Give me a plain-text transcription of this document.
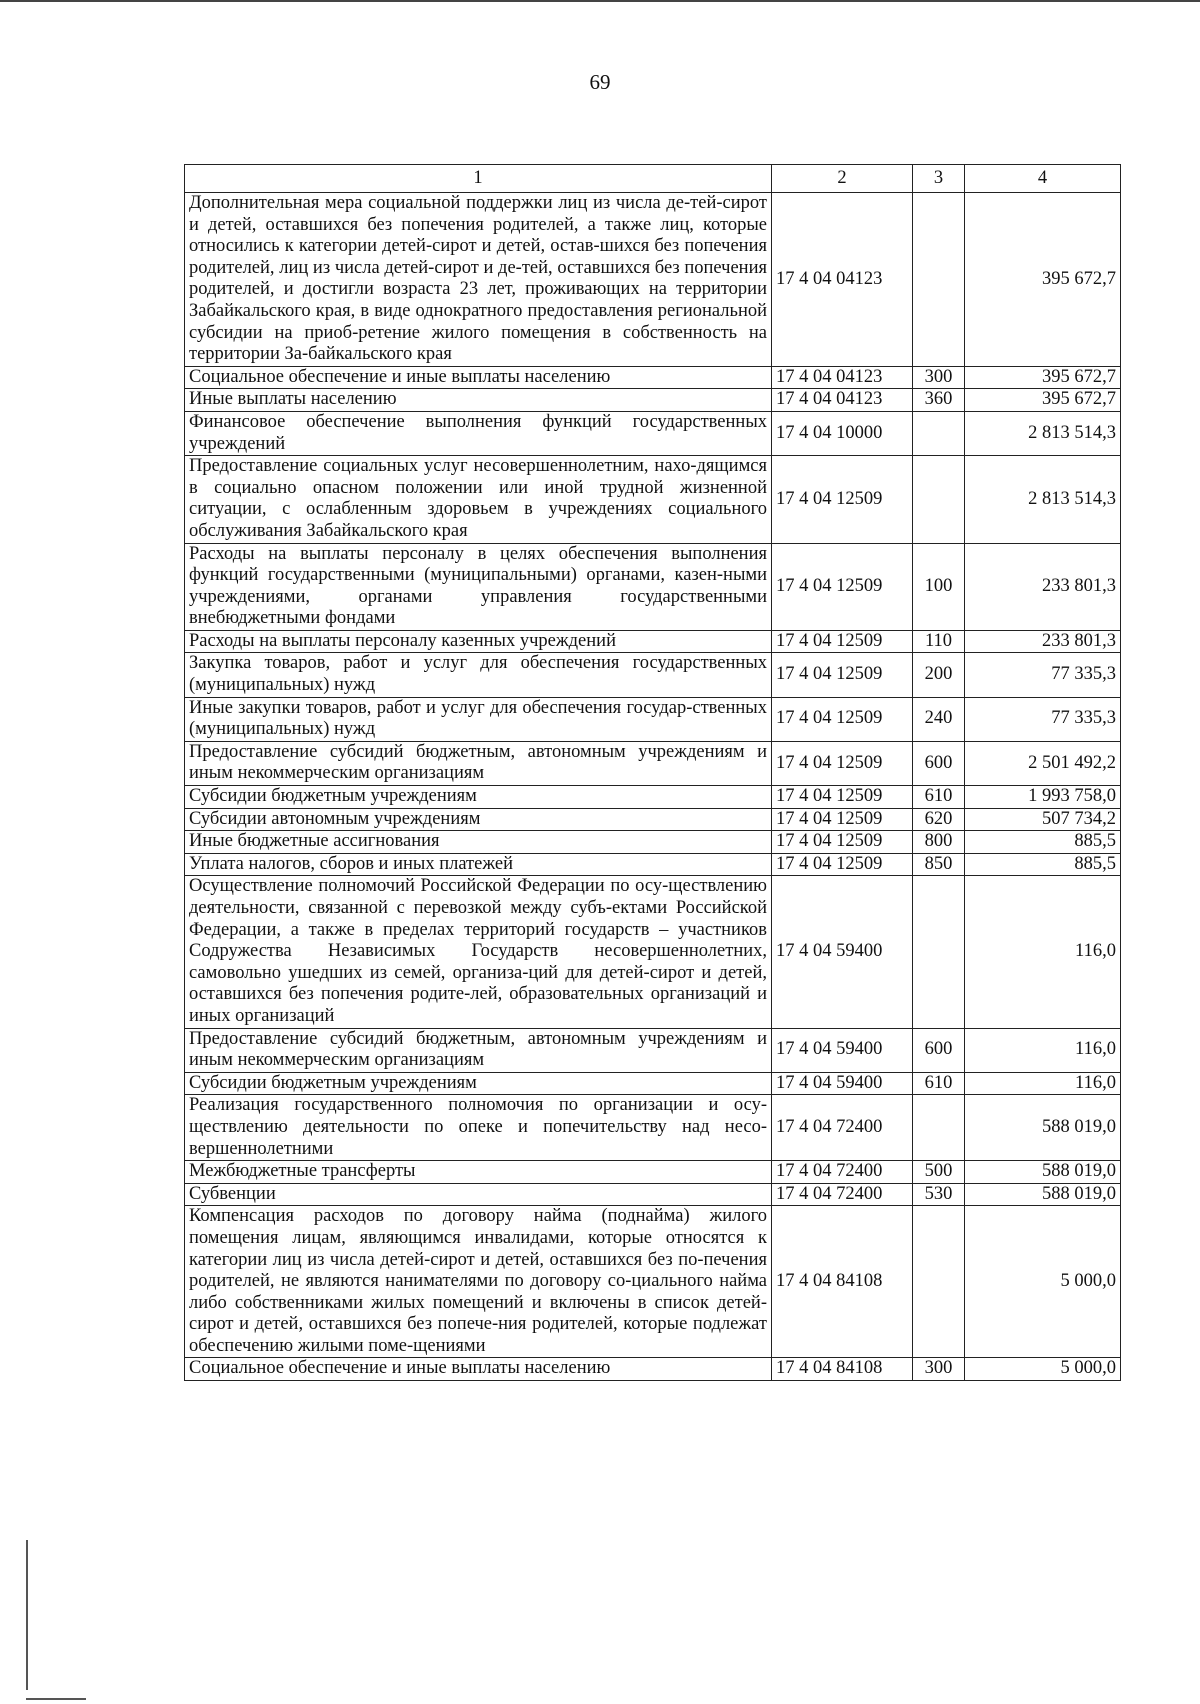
69
1	2	3	4
Дополнительная мера социальной поддержки лиц из числа де-тей-сирот и детей, оставшихся без попечения родителей, а также лиц, которые относились к категории детей-сирот и детей, остав-шихся без попечения родителей, лиц из числа детей-сирот и де-тей, оставшихся без попечения родителей, и достигли возраста 23 лет, проживающих на территории Забайкальского края, в виде однократного предоставления региональной субсидии на приоб-ретение жилого помещения в собственность на территории За-байкальского края	17 4 04 04123		395 672,7
Социальное обеспечение и иные выплаты населению	17 4 04 04123	300	395 672,7
Иные выплаты населению	17 4 04 04123	360	395 672,7
Финансовое обеспечение выполнения функций государственных учреждений	17 4 04 10000		2 813 514,3
Предоставление социальных услуг несовершеннолетним, нахо-дящимся в социально опасном положении или иной трудной жизненной ситуации, с ослабленным здоровьем в учреждениях социального обслуживания Забайкальского края	17 4 04 12509		2 813 514,3
Расходы на выплаты персоналу в целях обеспечения выполнения функций государственными (муниципальными) органами, казен-ными учреждениями, органами управления государственными внебюджетными фондами	17 4 04 12509	100	233 801,3
Расходы на выплаты персоналу казенных учреждений	17 4 04 12509	110	233 801,3
Закупка товаров, работ и услуг для обеспечения государственных (муниципальных) нужд	17 4 04 12509	200	77 335,3
Иные закупки товаров, работ и услуг для обеспечения государ-ственных (муниципальных) нужд	17 4 04 12509	240	77 335,3
Предоставление субсидий бюджетным, автономным учреждениям и иным некоммерческим организациям	17 4 04 12509	600	2 501 492,2
Субсидии бюджетным учреждениям	17 4 04 12509	610	1 993 758,0
Субсидии автономным учреждениям	17 4 04 12509	620	507 734,2
Иные бюджетные ассигнования	17 4 04 12509	800	885,5
Уплата налогов, сборов и иных платежей	17 4 04 12509	850	885,5
Осуществление полномочий Российской Федерации по осу-ществлению деятельности, связанной с перевозкой между субъ-ектами Российской Федерации, а также в пределах территорий государств – участников Содружества Независимых Государств несовершеннолетних, самовольно ушедших из семей, организа-ций для детей-сирот и детей, оставшихся без попечения родите-лей, образовательных организаций и иных организаций	17 4 04 59400		116,0
Предоставление субсидий бюджетным, автономным учреждениям и иным некоммерческим организациям	17 4 04 59400	600	116,0
Субсидии бюджетным учреждениям	17 4 04 59400	610	116,0
Реализация государственного полномочия по организации и осу-ществлению деятельности по опеке и попечительству над несо-вершеннолетними	17 4 04 72400		588 019,0
Межбюджетные трансферты	17 4 04 72400	500	588 019,0
Субвенции	17 4 04 72400	530	588 019,0
Компенсация расходов по договору найма (поднайма) жилого помещения лицам, являющимся инвалидами, которые относятся к категории лиц из числа детей-сирот и детей, оставшихся без по-печения родителей, не являются нанимателями по договору со-циального найма либо собственниками жилых помещений и включены в список детей-сирот и детей, оставшихся без попече-ния родителей, которые подлежат обеспечению жилыми поме-щениями	17 4 04 84108		5 000,0
Социальное обеспечение и иные выплаты населению	17 4 04 84108	300	5 000,0
